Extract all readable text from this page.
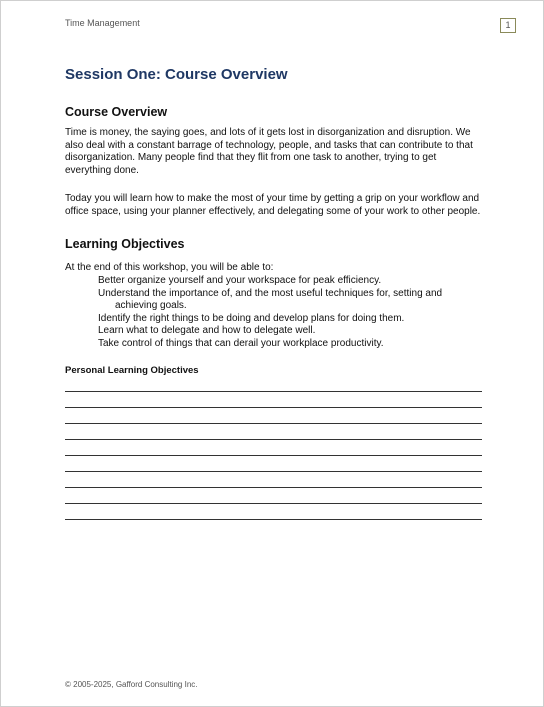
Time Management	1
Session One: Course Overview
Course Overview
Time is money, the saying goes, and lots of it gets lost in disorganization and disruption. We also deal with a constant barrage of technology, people, and tasks that can contribute to that disorganization. Many people find that they flit from one task to another, trying to get everything done.
Today you will learn how to make the most of your time by getting a grip on your workflow and office space, using your planner effectively, and delegating some of your work to other people.
Learning Objectives
At the end of this workshop, you will be able to:
Better organize yourself and your workspace for peak efficiency.
Understand the importance of, and the most useful techniques for, setting and achieving goals.
Identify the right things to be doing and develop plans for doing them.
Learn what to delegate and how to delegate well.
Take control of things that can derail your workplace productivity.
Personal Learning Objectives
© 2005-2025, Gafford Consulting Inc.
